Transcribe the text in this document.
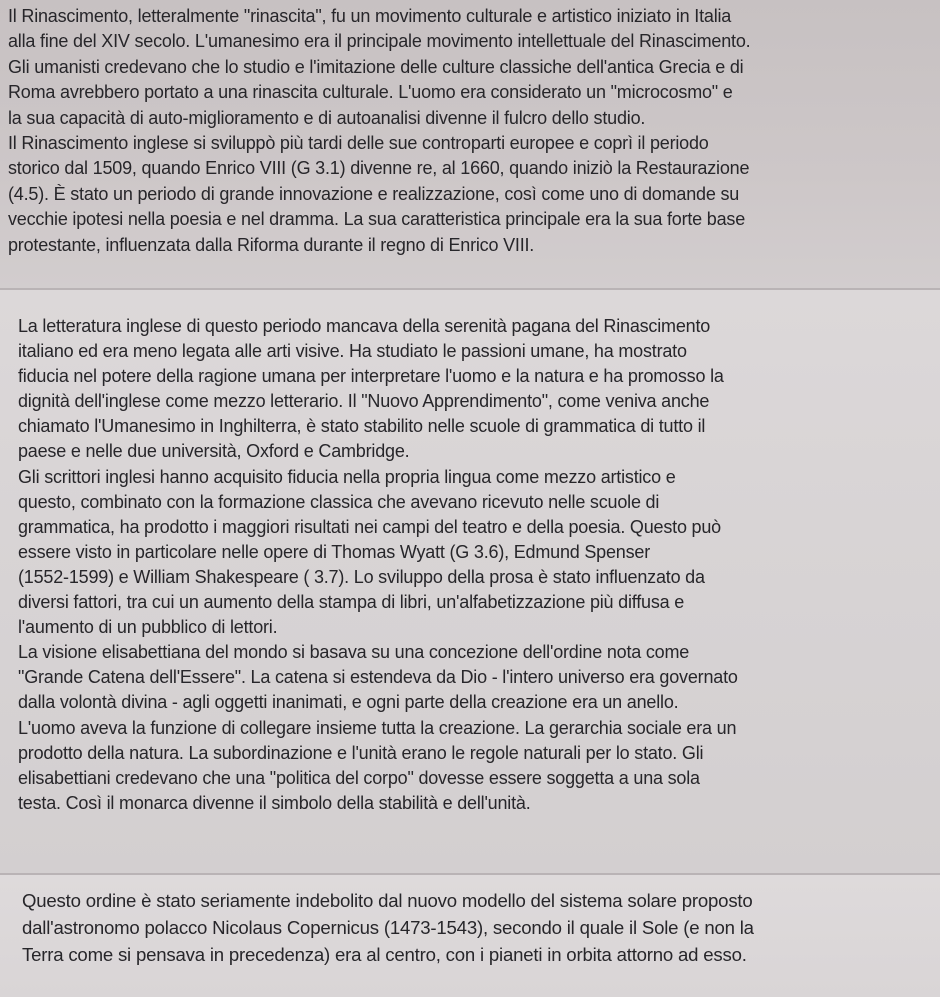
Il Rinascimento, letteralmente "rinascita", fu un movimento culturale e artistico iniziato in Italia
alla fine del XIV secolo. L'umanesimo era il principale movimento intellettuale del Rinascimento.
Gli umanisti credevano che lo studio e l'imitazione delle culture classiche dell'antica Grecia e di
Roma avrebbero portato a una rinascita culturale. L'uomo era considerato un "microcosmo" e
la sua capacità di auto-miglioramento e di autoanalisi divenne il fulcro dello studio.
Il Rinascimento inglese si sviluppò più tardi delle sue controparti europee e coprì il periodo
storico dal 1509, quando Enrico VIII (G 3.1) divenne re, al 1660, quando iniziò la Restaurazione
(4.5). È stato un periodo di grande innovazione e realizzazione, così come uno di domande su
vecchie ipotesi nella poesia e nel dramma. La sua caratteristica principale era la sua forte base
protestante, influenzata dalla Riforma durante il regno di Enrico VIII.
La letteratura inglese di questo periodo mancava della serenità pagana del Rinascimento
italiano ed era meno legata alle arti visive. Ha studiato le passioni umane, ha mostrato
fiducia nel potere della ragione umana per interpretare l'uomo e la natura e ha promosso la
dignità dell'inglese come mezzo letterario. Il "Nuovo Apprendimento", come veniva anche
chiamato l'Umanesimo in Inghilterra, è stato stabilito nelle scuole di grammatica di tutto il
paese e nelle due università, Oxford e Cambridge.
Gli scrittori inglesi hanno acquisito fiducia nella propria lingua come mezzo artistico e
questo, combinato con la formazione classica che avevano ricevuto nelle scuole di
grammatica, ha prodotto i maggiori risultati nei campi del teatro e della poesia. Questo può
essere visto in particolare nelle opere di Thomas Wyatt (G 3.6), Edmund Spenser
(1552-1599) e William Shakespeare ( 3.7). Lo sviluppo della prosa è stato influenzato da
diversi fattori, tra cui un aumento della stampa di libri, un'alfabetizzazione più diffusa e
l'aumento di un pubblico di lettori.
La visione elisabettiana del mondo si basava su una concezione dell'ordine nota come
"Grande Catena dell'Essere". La catena si estendeva da Dio - l'intero universo era governato
dalla volontà divina - agli oggetti inanimati, e ogni parte della creazione era un anello.
L'uomo aveva la funzione di collegare insieme tutta la creazione. La gerarchia sociale era un
prodotto della natura. La subordinazione e l'unità erano le regole naturali per lo stato. Gli
elisabettiani credevano che una "politica del corpo" dovesse essere soggetta a una sola
testa. Così il monarca divenne il simbolo della stabilità e dell'unità.
Questo ordine è stato seriamente indebolito dal nuovo modello del sistema solare proposto
dall'astronomo polacco Nicolaus Copernicus (1473-1543), secondo il quale il Sole (e non la
Terra come si pensava in precedenza) era al centro, con i pianeti in orbita attorno ad esso.
